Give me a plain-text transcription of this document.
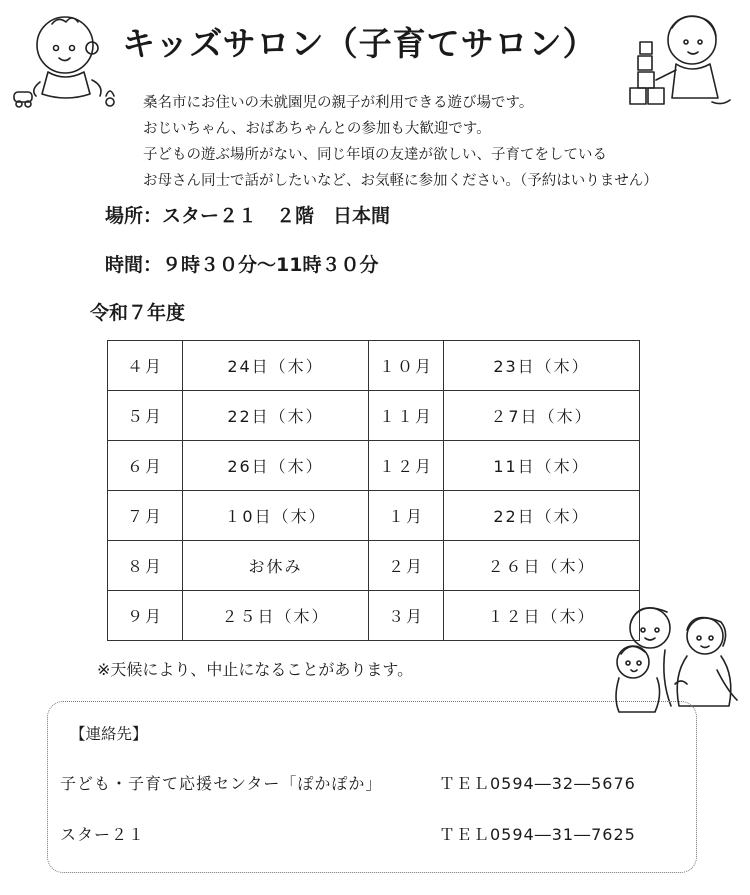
キッズサロン（子育てサロン）
桑名市にお住いの未就園児の親子が利用できる遊び場です。
おじいちゃん、おばあちゃんとの参加も大歓迎です。
子どもの遊ぶ場所がない、同じ年頃の友達が欲しい、子育てをしている
お母さん同士で話がしたいなど、お気軽に参加ください。（予約はいりません）
場所：スター２１　２階　日本間
時間：９時３０分～11時３０分
令和７年度
４月	24日（木）	１０月	23日（木）
５月	22日（木）	１１月	２7日（木）
６月	26日（木）	１２月	11日（木）
７月	１0日（木）	１月	22日（木）
８月	お休み	２月	２６日（木）
９月	２５日（木）	３月	１２日（木）
※天候により、中止になることがあります。
【連絡先】
子ども・子育て応援センター「ぽかぽか」	ＴＥＬ0594―32―5676
スター２１	ＴＥＬ0594―31―7625
